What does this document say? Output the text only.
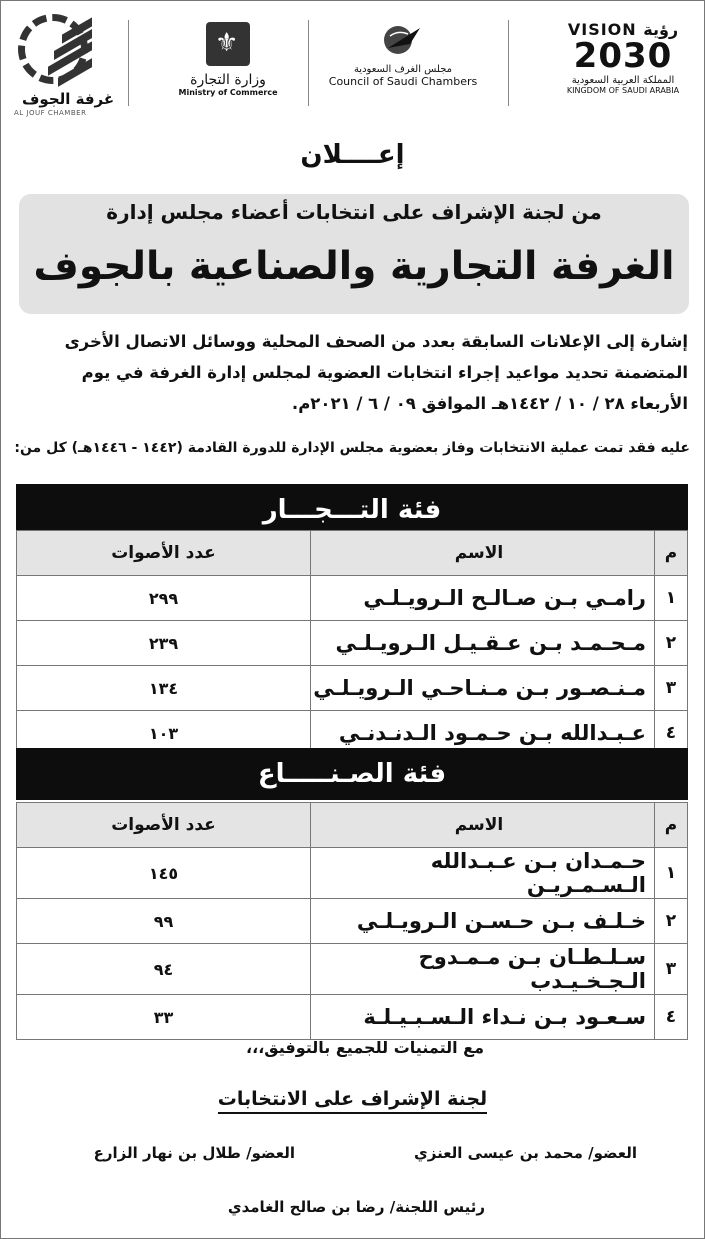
غرفة الجوف
AL JOUF CHAMBER
⚜
وزارة التجارة
Ministry of Commerce
مجلس الغرف السعودية
Council of Saudi Chambers
VISION رؤية
2030
المملكة العربية السعودية
KINGDOM OF SAUDI ARABIA
إعــــلان
من لجنة الإشراف على انتخابات أعضاء مجلس إدارة
الغرفة التجارية والصناعية بالجوف
إشارة إلى الإعلانات السابقة بعدد من الصحف المحلية ووسائل الاتصال الأخرى
المتضمنة تحديد مواعيد إجراء انتخابات العضوية لمجلس إدارة الغرفة في يوم
الأربعاء ٢٨ / ١٠ / ١٤٤٢هـ الموافق ٠٩ / ٦ / ٢٠٢١م.
عليه فقد تمت عملية الانتخابات وفاز بعضوية مجلس الإدارة للدورة القادمة (١٤٤٢ - ١٤٤٦هـ) كل من:
فئة التـــجـــار
م	الاسم	عدد الأصوات
١	رامـي بـن صـالـح الـرويـلـي	٢٩٩
٢	مـحـمـد بـن عـقـيـل الـرويـلـي	٢٣٩
٣	مـنـصـور بـن مـنـاحـي الـرويـلـي	١٣٤
٤	عـبـدالله بـن حـمـود الـدنـدنـي	١٠٣
فئة الصـنـــــاع
م	الاسم	عدد الأصوات
١	حـمـدان بـن عـبـدالله الـسـمـريـن	١٤٥
٢	خـلـف بـن حـسـن الـرويـلـي	٩٩
٣	سـلـطـان بـن مـمـدوح الـجـخـيـدب	٩٤
٤	سـعـود بـن نـداء الـسـبـيـلـة	٣٣
مع التمنيات للجميع بالتوفيق،،،
لجنة الإشراف على الانتخابات
العضو/ محمد بن عيسى العنزي
العضو/ طلال بن نهار الزارع
رئيس اللجنة/ رضا بن صالح الغامدي
